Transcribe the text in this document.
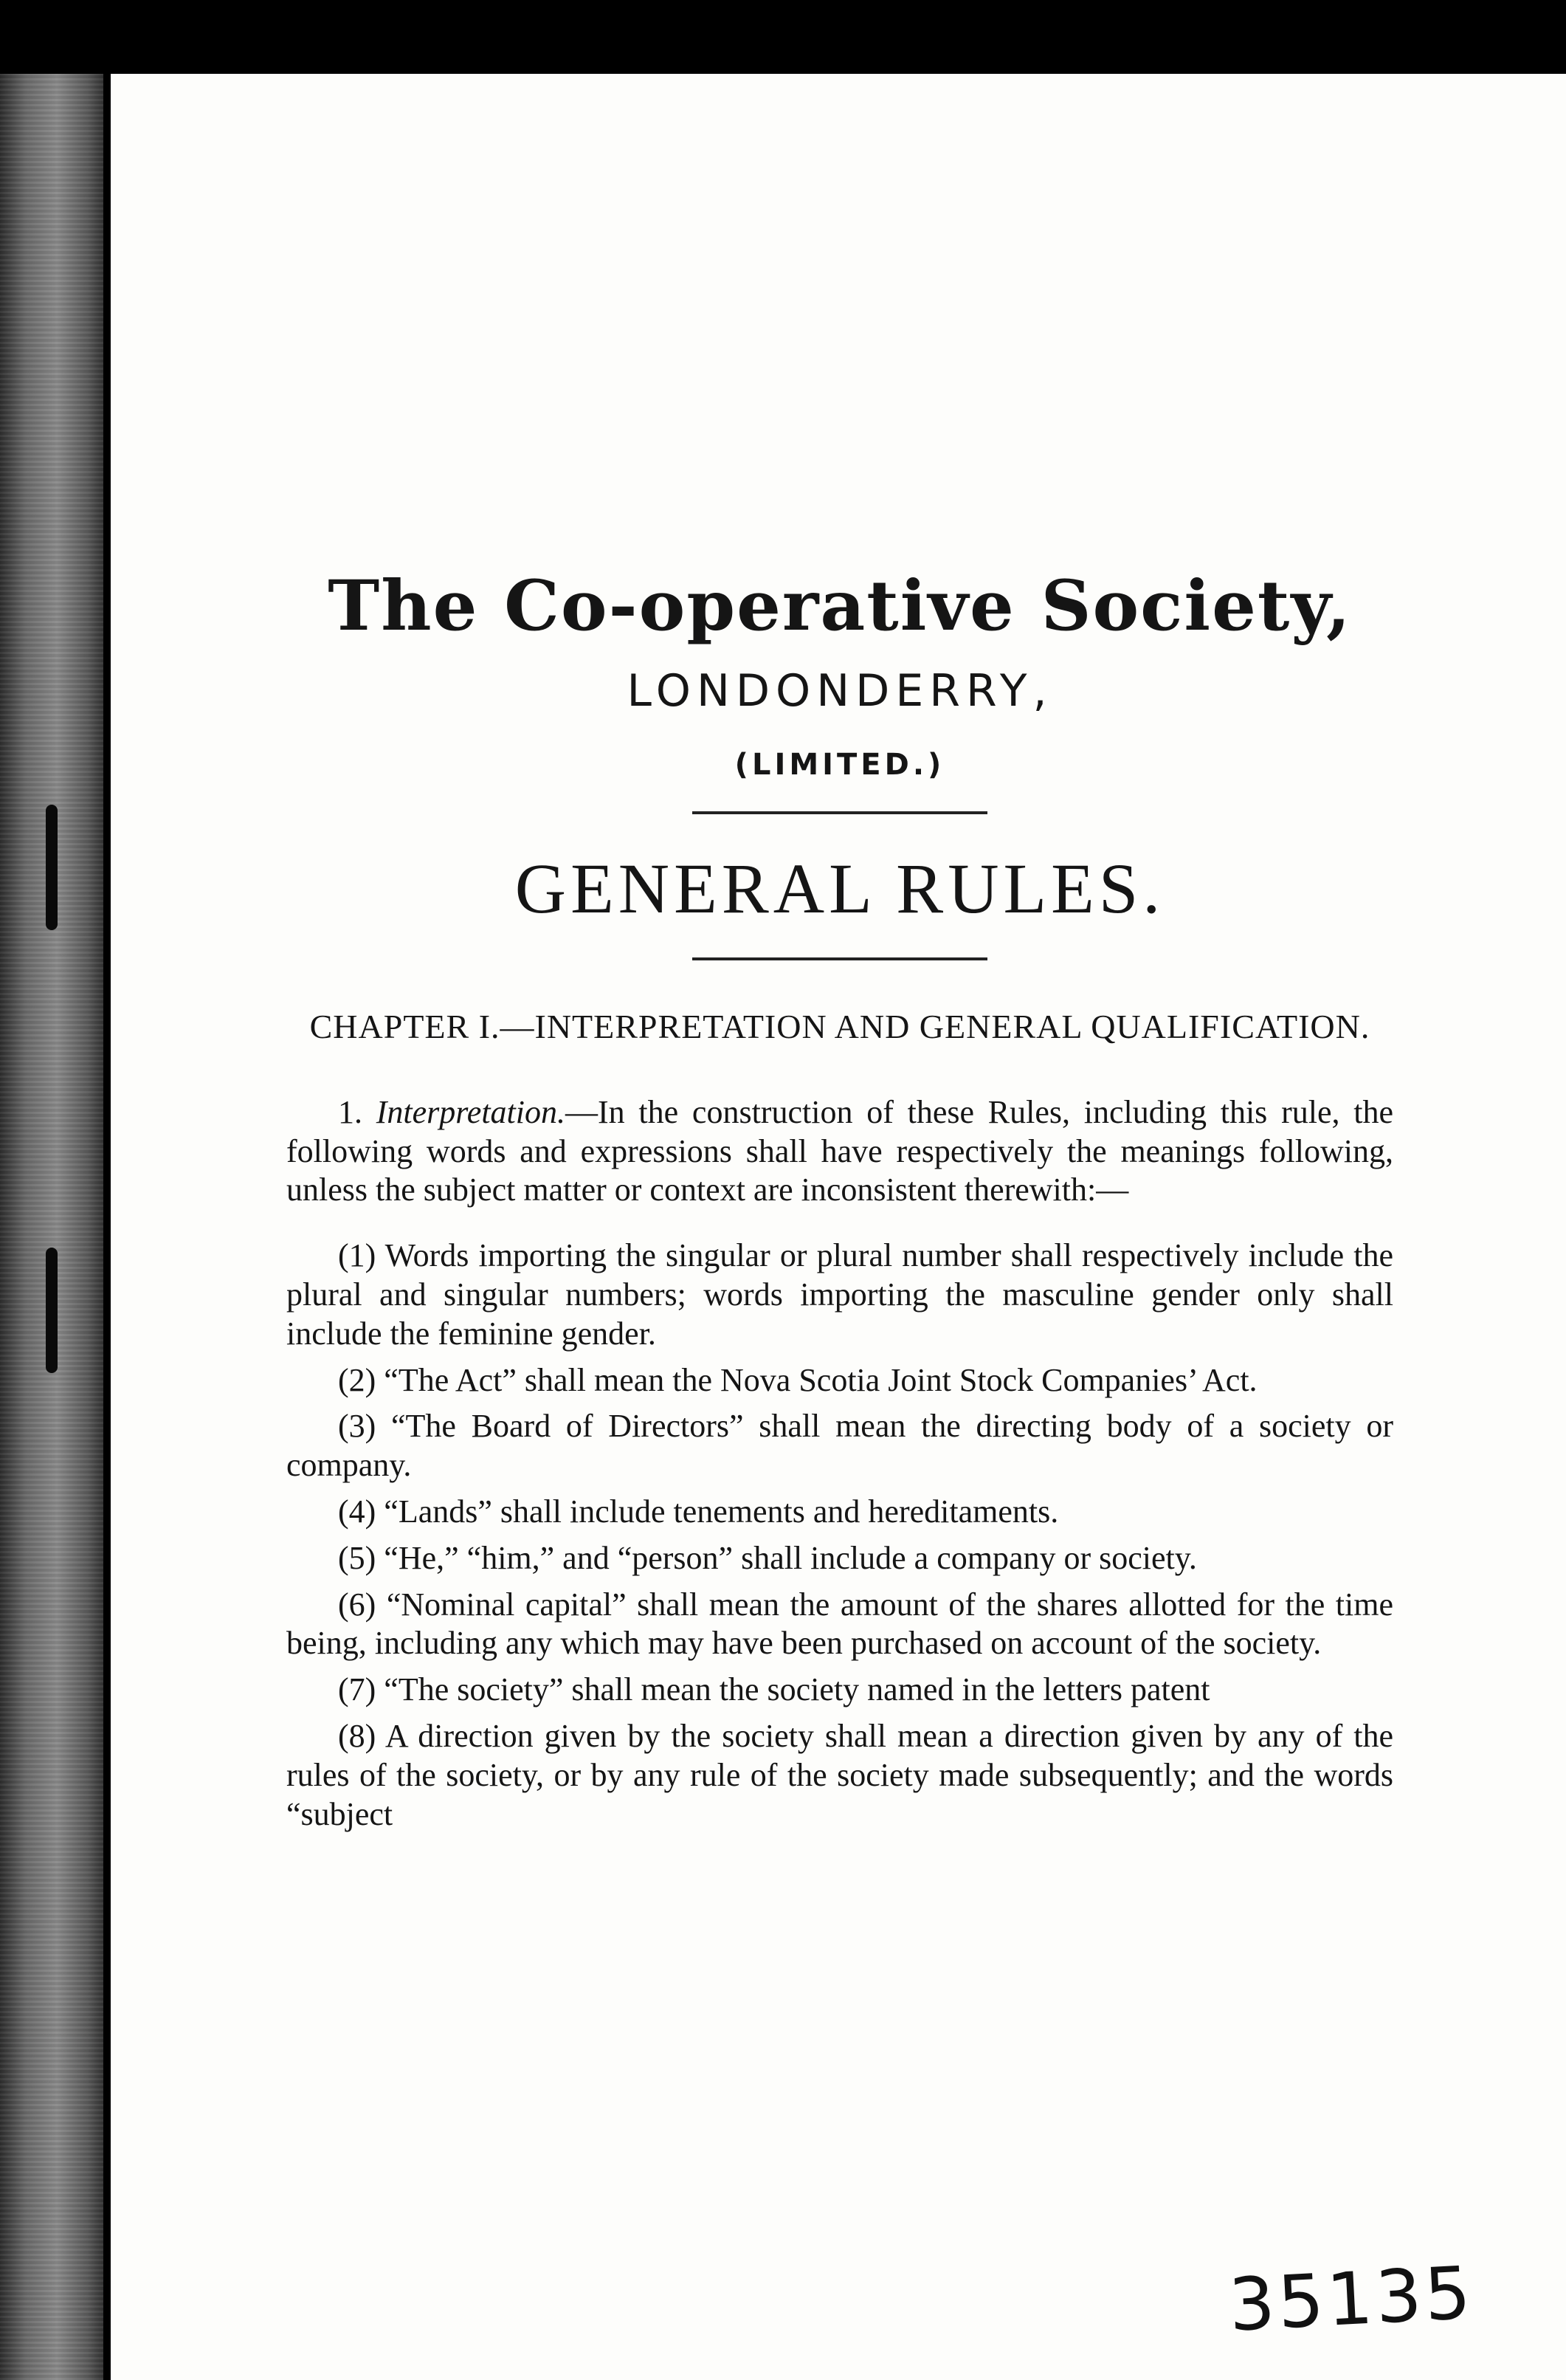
The Co-operative Society,
LONDONDERRY,
(LIMITED.)
GENERAL RULES.
CHAPTER I.—INTERPRETATION AND GENERAL QUALIFICATION.

1. Interpretation.—In the construction of these Rules, including this rule, the following words and expressions shall have respectively the meanings following, unless the subject matter or context are inconsistent therewith:—

(1) Words importing the singular or plural number shall respectively include the plural and singular numbers; words importing the masculine gender only shall include the feminine gender.

(2) “The Act” shall mean the Nova Scotia Joint Stock Companies’ Act.

(3) “The Board of Directors” shall mean the directing body of a society or company.

(4) “Lands” shall include tenements and hereditaments.

(5) “He,” “him,” and “person” shall include a company or society.

(6) “Nominal capital” shall mean the amount of the shares allotted for the time being, including any which may have been purchased on account of the society.

(7) “The society” shall mean the society named in the letters patent

(8) A direction given by the society shall mean a direction given by any of the rules of the society, or by any rule of the society made subsequently; and the words “subject

35135
